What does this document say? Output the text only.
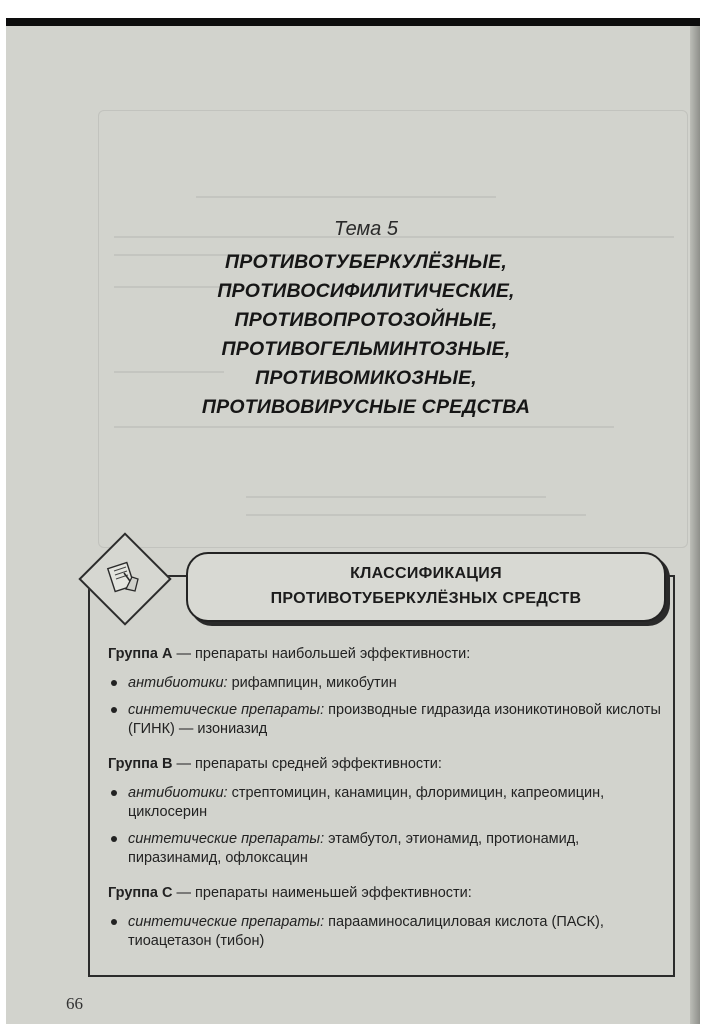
Тема 5
ПРОТИВОТУБЕРКУЛЁЗНЫЕ,
ПРОТИВОСИФИЛИТИЧЕСКИЕ,
ПРОТИВОПРОТОЗОЙНЫЕ,
ПРОТИВОГЕЛЬМИНТОЗНЫЕ,
ПРОТИВОМИКОЗНЫЕ,
ПРОТИВОВИРУСНЫЕ СРЕДСТВА
КЛАССИФИКАЦИЯ
ПРОТИВОТУБЕРКУЛЁЗНЫХ СРЕДСТВ

Группа А — препараты наибольшей эффективности:

антибиотики: рифампицин, микобутин
синтетические препараты: производные гидразида изоникотиновой кислоты (ГИНК) — изониазид

Группа В — препараты средней эффективности:

антибиотики: стрептомицин, канамицин, флоримицин, капреомицин, циклосерин
синтетические препараты: этамбутол, этионамид, протионамид, пиразинамид, офлоксацин

Группа С — препараты наименьшей эффективности:

синтетические препараты: парааминосалициловая кислота (ПАСК), тиоацетазон (тибон)
66
